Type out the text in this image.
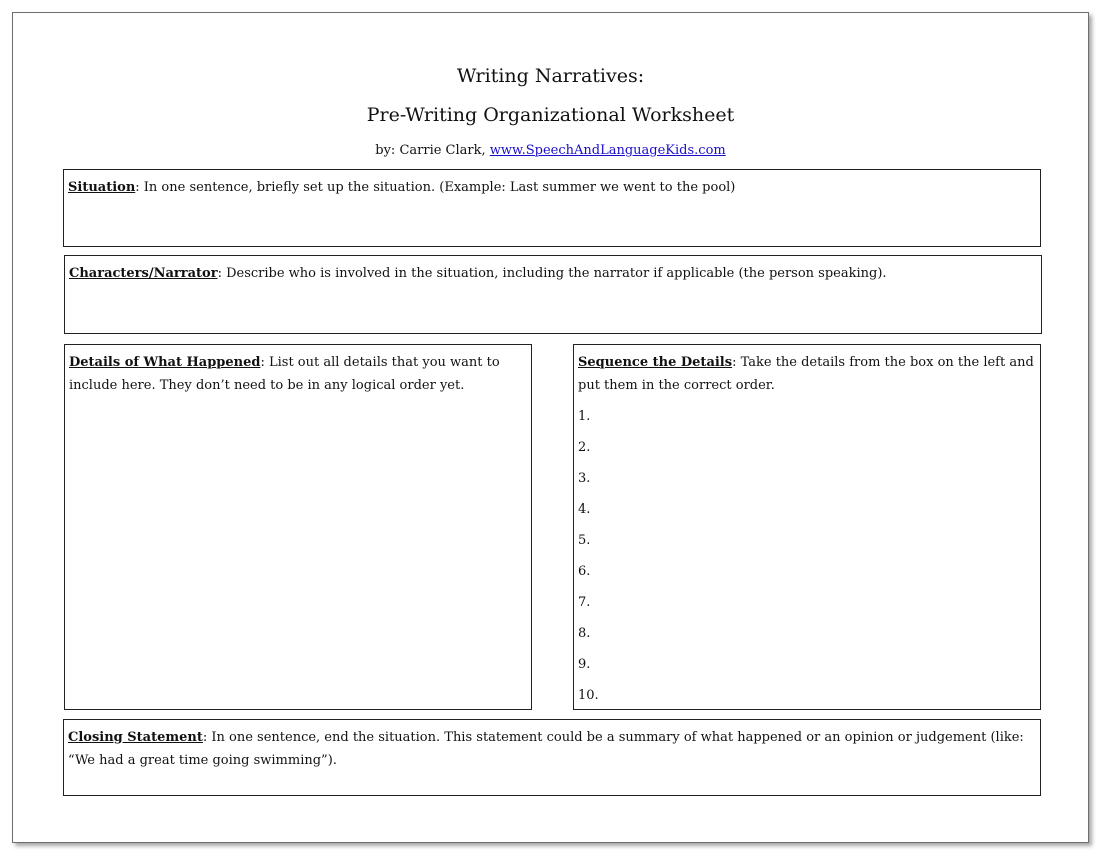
Writing Narratives:
Pre-Writing Organizational Worksheet
by: Carrie Clark, www.SpeechAndLanguageKids.com
Situation: In one sentence, briefly set up the situation. (Example: Last summer we went to the pool)
Characters/Narrator: Describe who is involved in the situation, including the narrator if applicable (the person speaking).
Details of What Happened: List out all details that you want to include here. They don’t need to be in any logical order yet.
Sequence the Details: Take the details from the box on the left and put them in the correct order.
1.
2.
3.
4.
5.
6.
7.
8.
9.
10.
Closing Statement: In one sentence, end the situation. This statement could be a summary of what happened or an opinion or judgement (like: “We had a great time going swimming”).
